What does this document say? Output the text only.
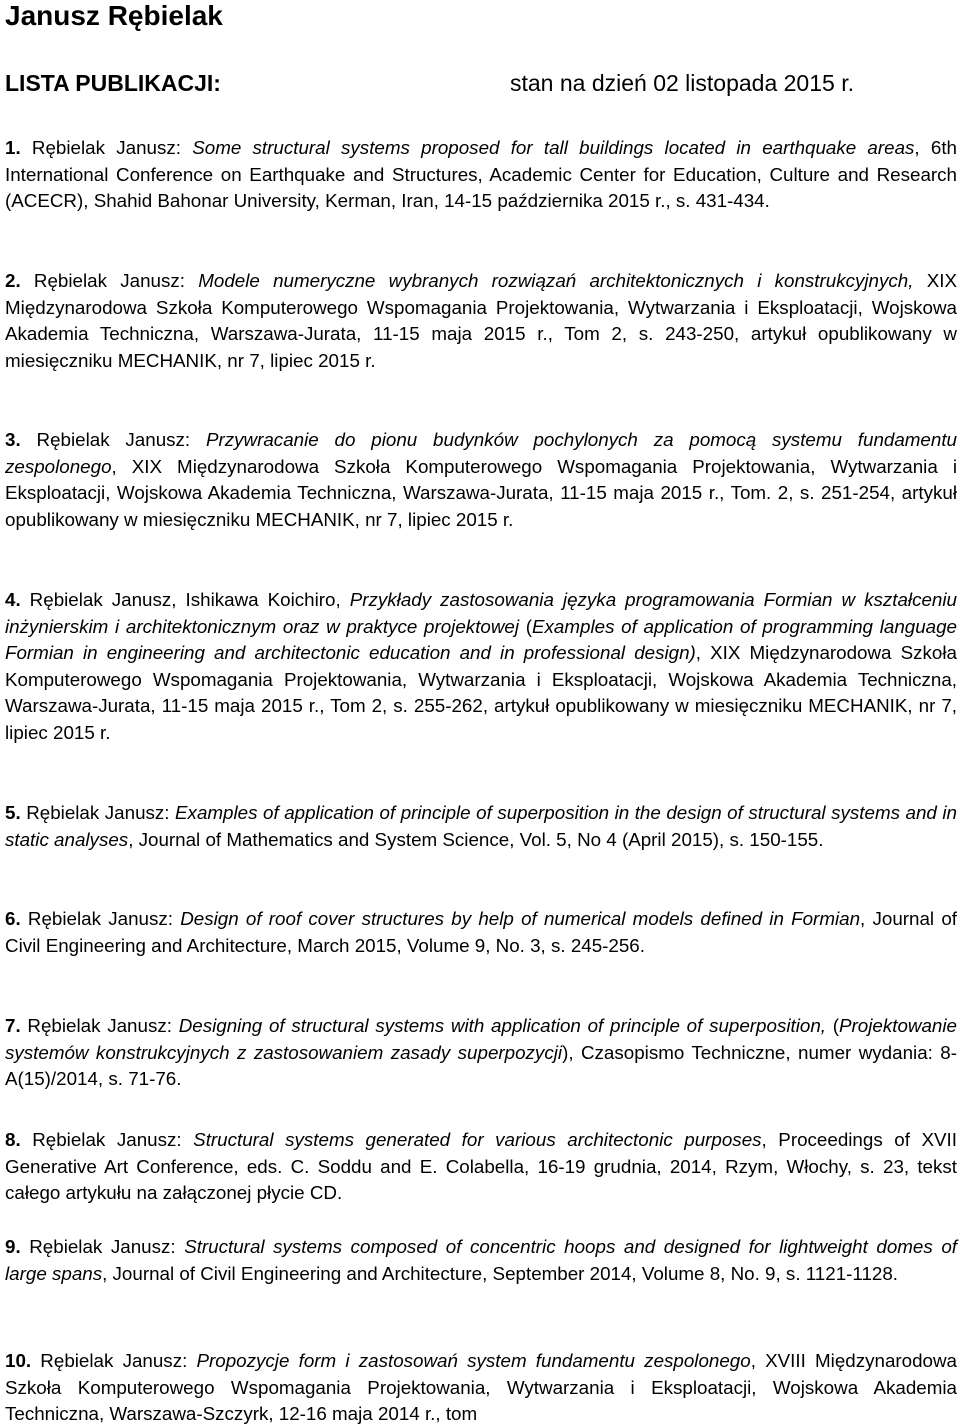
Janusz Rębielak
LISTA PUBLIKACJI:	stan na dzień 02 listopada 2015 r.
1. Rębielak Janusz: Some structural systems proposed for tall buildings located in earthquake areas, 6th International Conference on Earthquake and Structures, Academic Center for Education, Culture and Research (ACECR), Shahid Bahonar University, Kerman, Iran, 14-15 października 2015 r., s. 431-434.
2. Rębielak Janusz: Modele numeryczne wybranych rozwiązań architektonicznych i konstrukcyjnych, XIX Międzynarodowa Szkoła Komputerowego Wspomagania Projektowania, Wytwarzania i Eksploatacji, Wojskowa Akademia Techniczna, Warszawa-Jurata, 11-15 maja 2015 r., Tom 2, s. 243-250, artykuł opublikowany w miesięczniku MECHANIK, nr 7, lipiec 2015 r.
3. Rębielak Janusz: Przywracanie do pionu budynków pochylonych za pomocą systemu fundamentu zespolonego, XIX Międzynarodowa Szkoła Komputerowego Wspomagania Projektowania, Wytwarzania i Eksploatacji, Wojskowa Akademia Techniczna, Warszawa-Jurata, 11-15 maja 2015 r., Tom. 2, s. 251-254, artykuł opublikowany w miesięczniku MECHANIK, nr 7, lipiec 2015 r.
4. Rębielak Janusz, Ishikawa Koichiro, Przykłady zastosowania języka programowania Formian w kształceniu inżynierskim i architektonicznym oraz w praktyce projektowej (Examples of application of programming language Formian in engineering and architectonic education and in professional design), XIX Międzynarodowa Szkoła Komputerowego Wspomagania Projektowania, Wytwarzania i Eksploatacji, Wojskowa Akademia Techniczna, Warszawa-Jurata, 11-15 maja 2015 r., Tom 2, s. 255-262, artykuł opublikowany w miesięczniku MECHANIK, nr 7, lipiec 2015 r.
5. Rębielak Janusz: Examples of application of principle of superposition in the design of structural systems and in static analyses, Journal of Mathematics and System Science, Vol. 5, No 4 (April 2015), s. 150-155.
6. Rębielak Janusz: Design of roof cover structures by help of numerical models defined in Formian, Journal of Civil Engineering and Architecture, March 2015, Volume 9, No. 3, s. 245-256.
7. Rębielak Janusz: Designing of structural systems with application of principle of superposition, (Projektowanie systemów konstrukcyjnych z zastosowaniem zasady superpozycji), Czasopismo Techniczne, numer wydania: 8-A(15)/2014, s. 71-76.
8. Rębielak Janusz: Structural systems generated for various architectonic purposes, Proceedings of XVII Generative Art Conference, eds. C. Soddu and E. Colabella, 16-19 grudnia, 2014, Rzym, Włochy, s. 23, tekst całego artykułu na załączonej płycie CD.
9. Rębielak Janusz: Structural systems composed of concentric hoops and designed for lightweight domes of large spans, Journal of Civil Engineering and Architecture, September 2014, Volume 8, No. 9, s. 1121-1128.
10. Rębielak Janusz: Propozycje form i zastosowań system fundamentu zespolonego, XVIII Międzynarodowa Szkoła Komputerowego Wspomagania Projektowania, Wytwarzania i Eksploatacji, Wojskowa Akademia Techniczna, Warszawa-Szczyrk, 12-16 maja 2014 r., tom
